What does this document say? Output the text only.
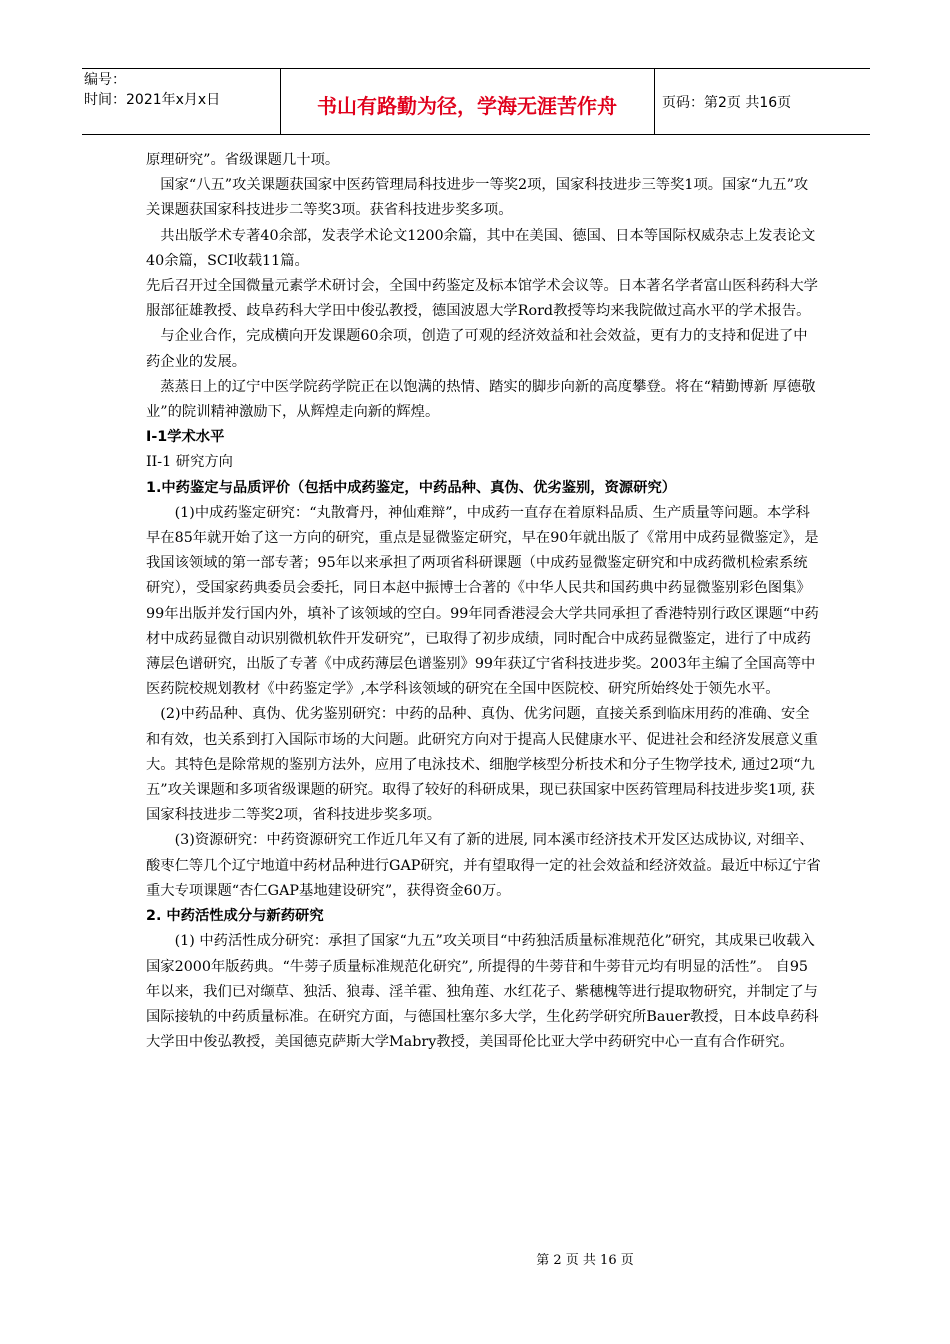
编号：
时间：2021年x月x日	书山有路勤为径，学海无涯苦作舟	页码：第2页 共16页

原理研究”。省级课题几十项。

国家“八五”攻关课题获国家中医药管理局科技进步一等奖2项，国家科技进步三等奖1项。国家“九五”攻关课题获国家科技进步二等奖3项。获省科技进步奖多项。

共出版学术专著40余部，发表学术论文1200余篇，其中在美国、德国、日本等国际权威杂志上发表论文40余篇，SCI收载11篇。

先后召开过全国微量元素学术研讨会，全国中药鉴定及标本馆学术会议等。日本著名学者富山医科药科大学服部征雄教授、歧阜药科大学田中俊弘教授，德国波恩大学Rord教授等均来我院做过高水平的学术报告。

与企业合作，完成横向开发课题60余项，创造了可观的经济效益和社会效益，更有力的支持和促进了中药企业的发展。

蒸蒸日上的辽宁中医学院药学院正在以饱满的热情、踏实的脚步向新的高度攀登。将在“精勤博新 厚德敬业”的院训精神激励下，从辉煌走向新的辉煌。

I-1学术水平

II-1 研究方向

1.中药鉴定与品质评价（包括中成药鉴定，中药品种、真伪、优劣鉴别，资源研究）

(1)中成药鉴定研究：“丸散膏丹，神仙难辩”，中成药一直存在着原料品质、生产质量等问题。本学科早在85年就开始了这一方向的研究，重点是显微鉴定研究，早在90年就出版了《常用中成药显微鉴定》，是我国该领域的第一部专著；95年以来承担了两项省科研课题（中成药显微鉴定研究和中成药微机检索系统研究），受国家药典委员会委托，同日本赵中振博士合著的《中华人民共和国药典中药显微鉴别彩色图集》99年出版并发行国内外，填补了该领域的空白。99年同香港浸会大学共同承担了香港特别行政区课题“中药材中成药显微自动识别微机软件开发研究”，已取得了初步成绩，同时配合中成药显微鉴定，进行了中成药薄层色谱研究，出版了专著《中成药薄层色谱鉴别》99年获辽宁省科技进步奖。2003年主编了全国高等中医药院校规划教材《中药鉴定学》,本学科该领域的研究在全国中医院校、研究所始终处于领先水平。

(2)中药品种、真伪、优劣鉴别研究：中药的品种、真伪、优劣问题，直接关系到临床用药的准确、安全和有效，也关系到打入国际市场的大问题。此研究方向对于提高人民健康水平、促进社会和经济发展意义重大。其特色是除常规的鉴别方法外，应用了电泳技术、细胞学核型分析技术和分子生物学技术, 通过2项“九五”攻关课题和多项省级课题的研究。取得了较好的科研成果，现已获国家中医药管理局科技进步奖1项, 获国家科技进步二等奖2项，省科技进步奖多项。

(3)资源研究：中药资源研究工作近几年又有了新的进展, 同本溪市经济技术开发区达成协议, 对细辛、酸枣仁等几个辽宁地道中药材品种进行GAP研究，并有望取得一定的社会效益和经济效益。最近中标辽宁省重大专项课题“杏仁GAP基地建设研究”，获得资金60万。

2. 中药活性成分与新药研究

(1) 中药活性成分研究：承担了国家“九五”攻关项目“中药独活质量标准规范化”研究，其成果已收载入国家2000年版药典。“牛蒡子质量标准规范化研究”, 所提得的牛蒡苷和牛蒡苷元均有明显的活性”。 自95年以来，我们已对缬草、独活、狼毒、淫羊霍、独角莲、水红花子、紫穗槐等进行提取物研究，并制定了与国际接轨的中药质量标准。在研究方面，与德国杜塞尔多大学，生化药学研究所Bauer教授，日本歧阜药科大学田中俊弘教授，美国德克萨斯大学Mabry教授，美国哥伦比亚大学中药研究中心一直有合作研究。

第 2 页 共 16 页
